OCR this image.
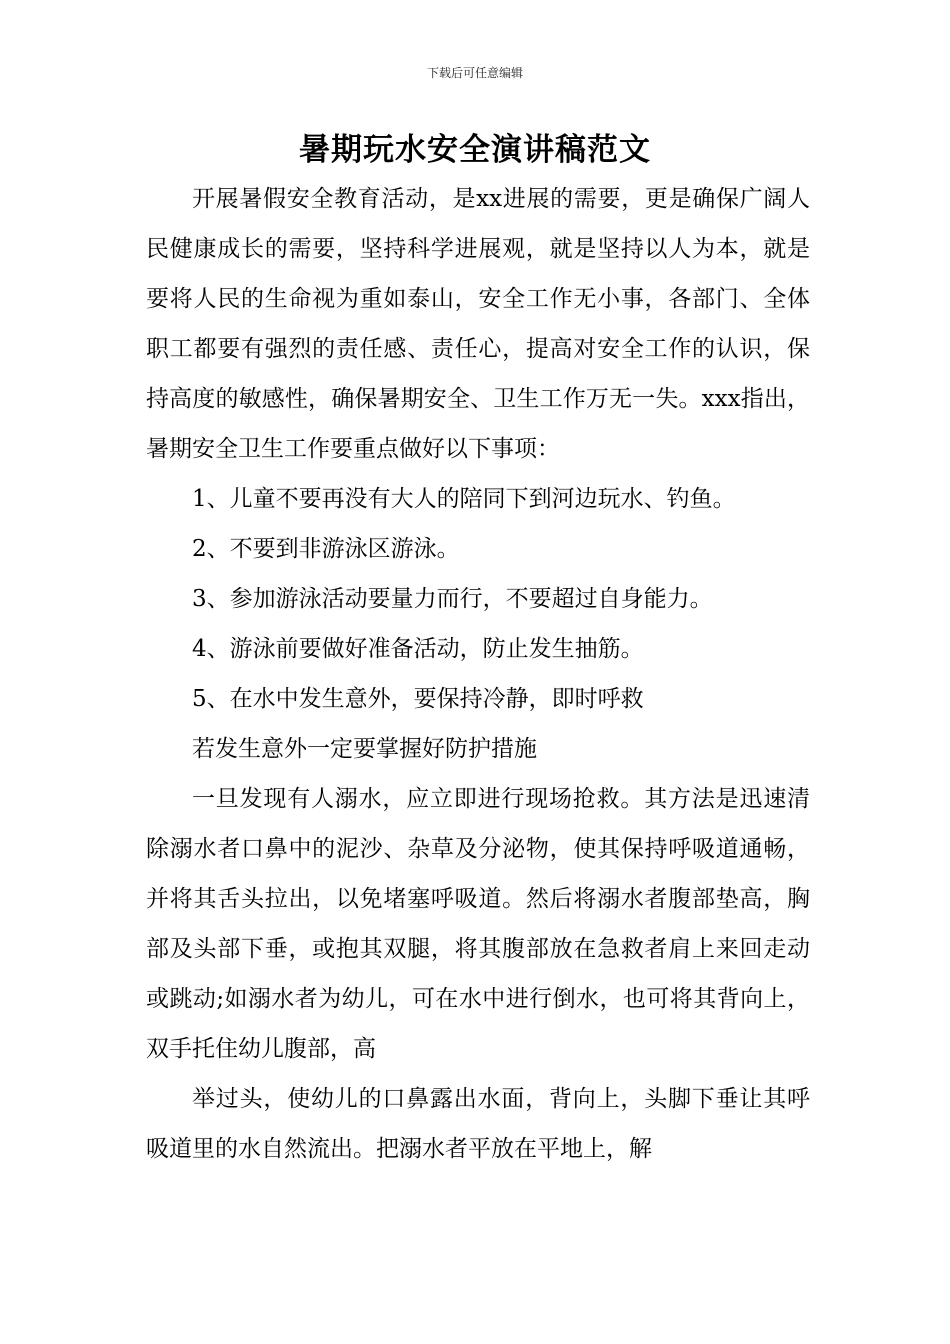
下载后可任意编辑
暑期玩水安全演讲稿范文

开展暑假安全教育活动，是xx进展的需要，更是确保广阔人民健康成长的需要，坚持科学进展观，就是坚持以人为本，就是要将人民的生命视为重如泰山，安全工作无小事，各部门、全体职工都要有强烈的责任感、责任心，提高对安全工作的认识，保持高度的敏感性，确保暑期安全、卫生工作万无一失。xxx指出，暑期安全卫生工作要重点做好以下事项：

1、儿童不要再没有大人的陪同下到河边玩水、钓鱼。

2、不要到非游泳区游泳。

3、参加游泳活动要量力而行，不要超过自身能力。

4、游泳前要做好准备活动，防止发生抽筋。

5、在水中发生意外，要保持冷静，即时呼救

若发生意外一定要掌握好防护措施

一旦发现有人溺水，应立即进行现场抢救。其方法是迅速清除溺水者口鼻中的泥沙、杂草及分泌物，使其保持呼吸道通畅，并将其舌头拉出，以免堵塞呼吸道。然后将溺水者腹部垫高，胸部及头部下垂，或抱其双腿，将其腹部放在急救者肩上来回走动或跳动;如溺水者为幼儿，可在水中进行倒水，也可将其背向上，双手托住幼儿腹部，高

举过头，使幼儿的口鼻露出水面，背向上，头脚下垂让其呼吸道里的水自然流出。把溺水者平放在平地上，解
